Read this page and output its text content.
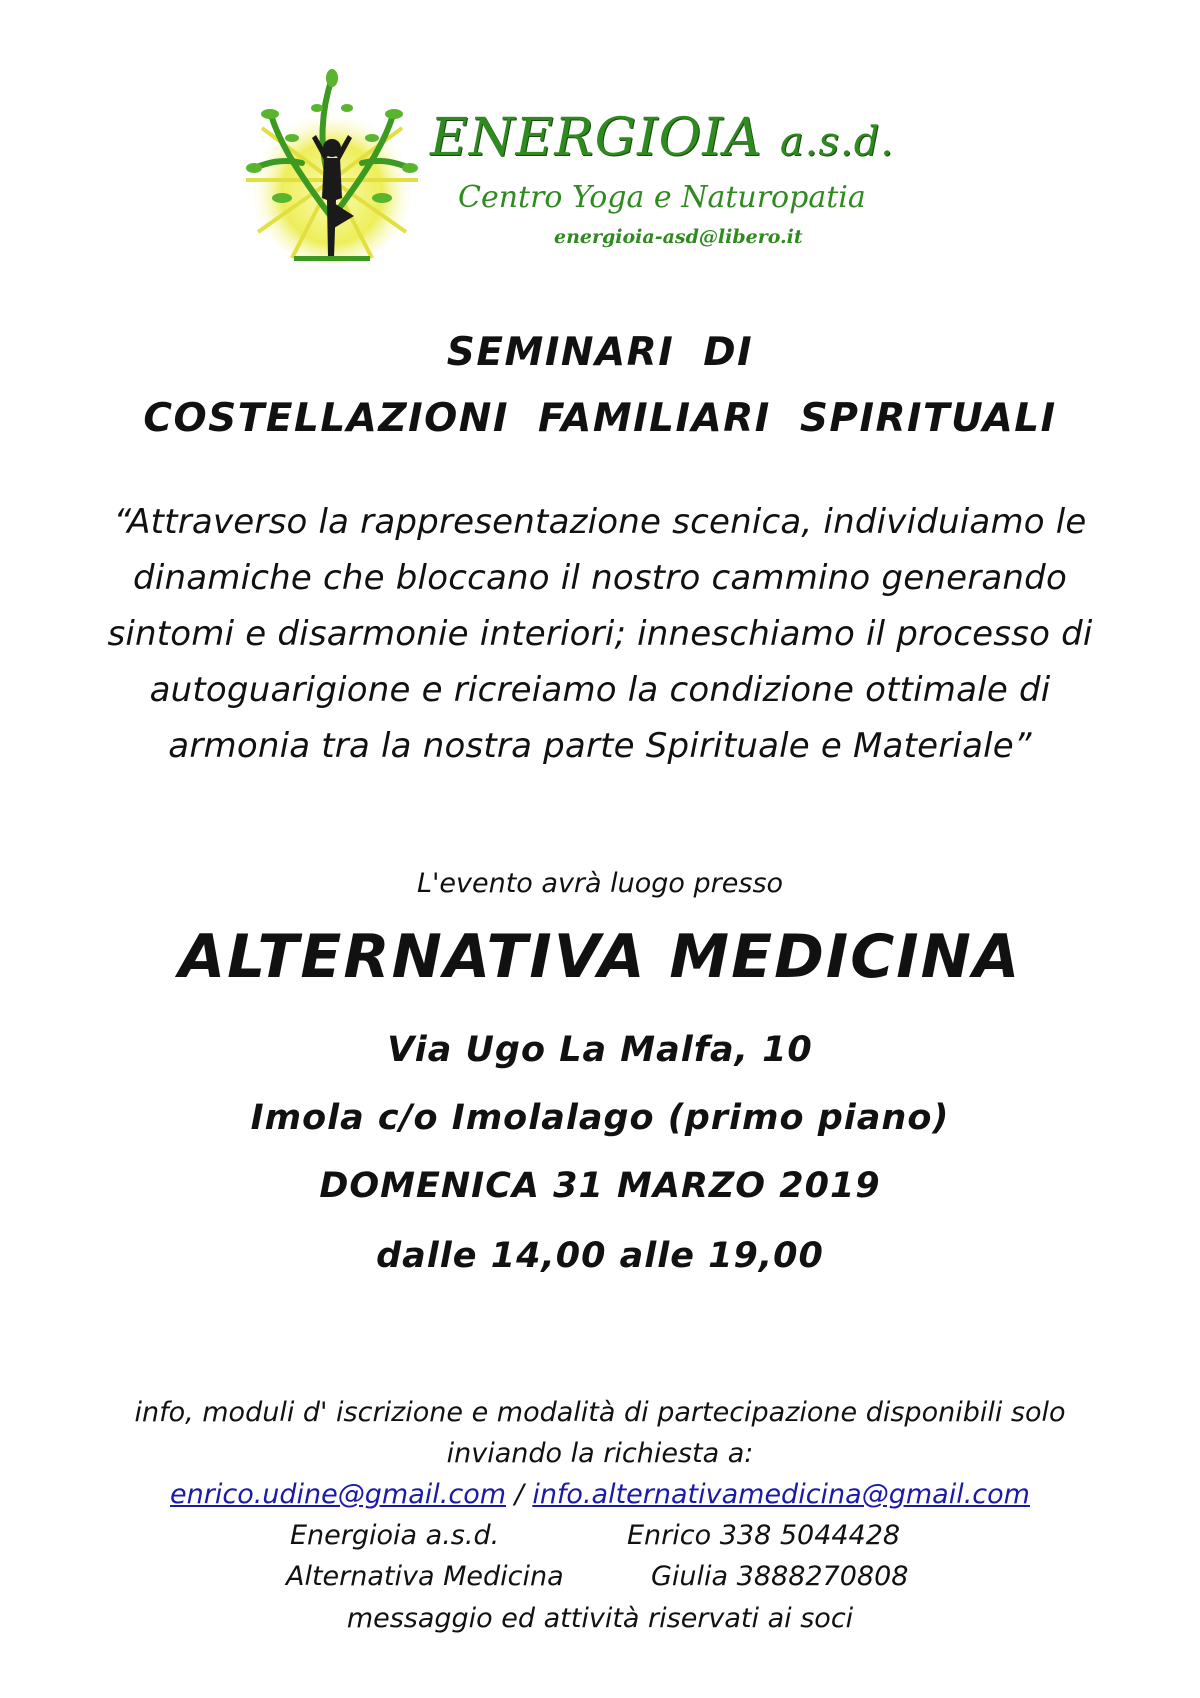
ENERGIOIA a.s.d.
Centro Yoga e Naturopatia
energioia-asd@libero.it
SEMINARI DI
COSTELLAZIONI FAMILIARI SPIRITUALI
“Attraverso la rappresentazione scenica, individuiamo le
dinamiche che bloccano il nostro cammino generando
sintomi e disarmonie interiori; inneschiamo il processo di
autoguarigione e ricreiamo la condizione ottimale di
armonia tra la nostra parte Spirituale e Materiale”
L'evento avrà luogo presso
ALTERNATIVA MEDICINA
Via Ugo La Malfa, 10
Imola c/o Imolalago (primo piano)
DOMENICA 31 MARZO 2019
dalle 14,00 alle 19,00
info, moduli d' iscrizione e modalità di partecipazione disponibili solo
inviando la richiesta a:
enrico.udine@gmail.com / info.alternativamedicina@gmail.com
Energioia a.s.d.	Enrico 338 5044428
Alternativa Medicina	Giulia 3888270808
messaggio ed attività riservati ai soci
